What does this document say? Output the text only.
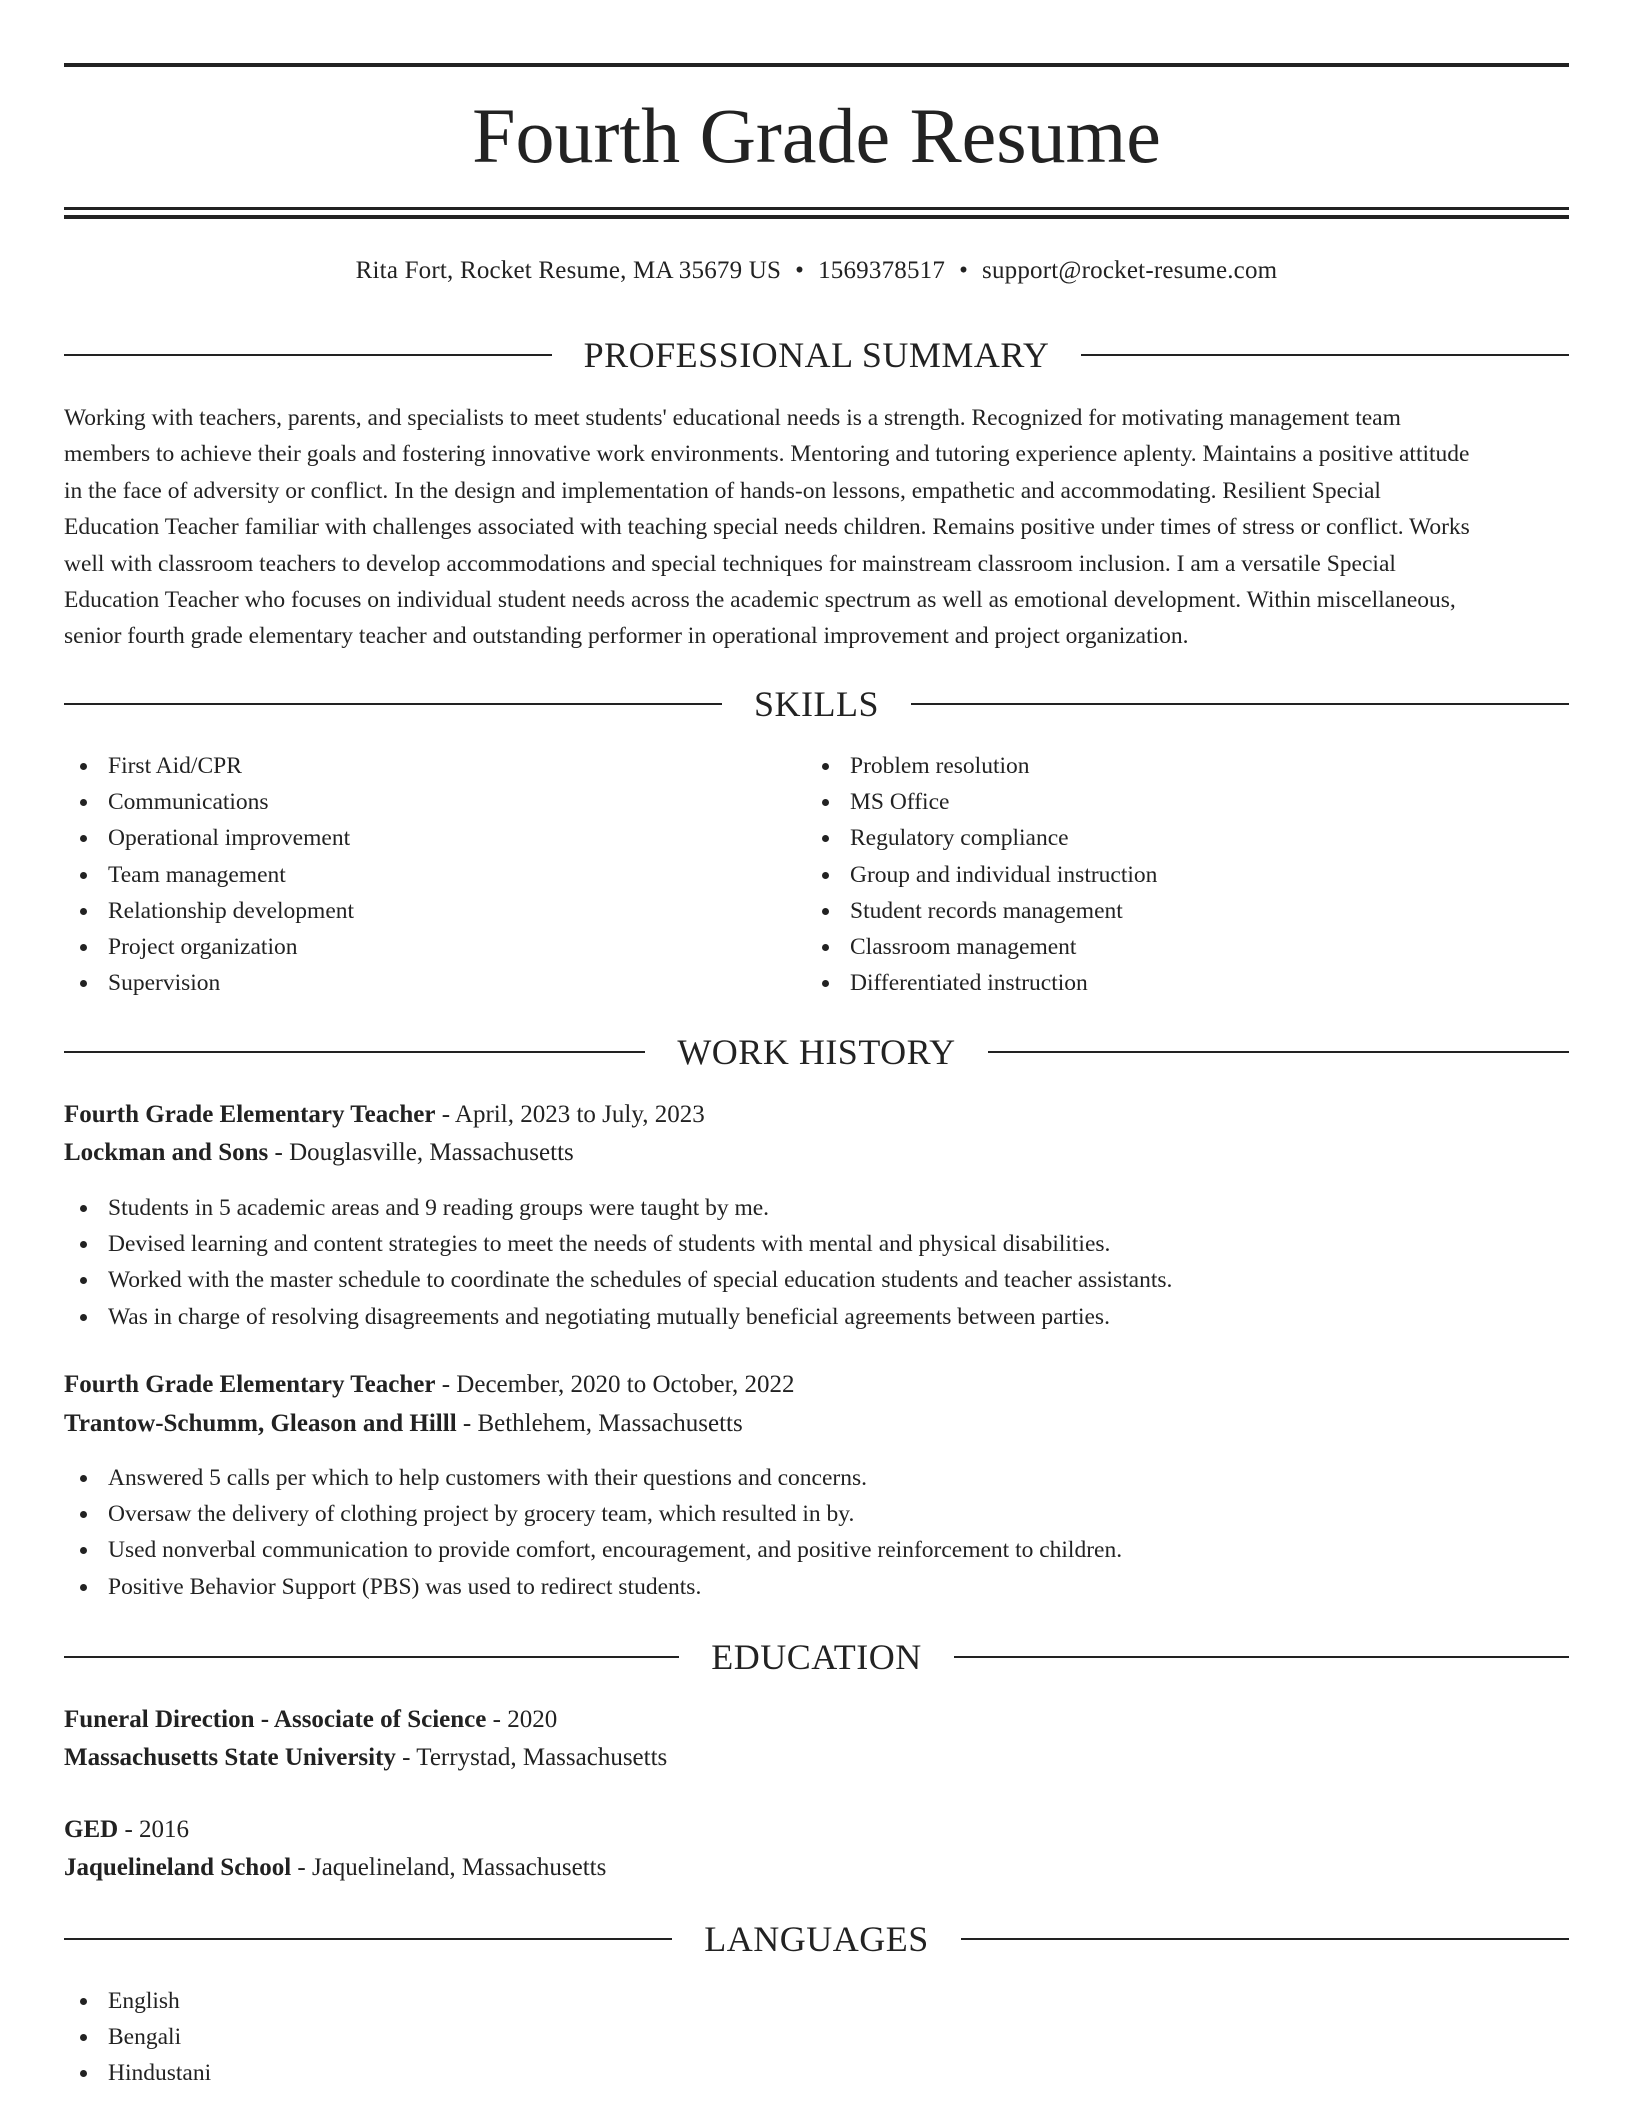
Fourth Grade Resume
Rita Fort, Rocket Resume, MA 35679 US • 1569378517 • support@rocket-resume.com
PROFESSIONAL SUMMARY
Working with teachers, parents, and specialists to meet students' educational needs is a strength. Recognized for motivating management team
members to achieve their goals and fostering innovative work environments. Mentoring and tutoring experience aplenty. Maintains a positive attitude
in the face of adversity or conflict. In the design and implementation of hands-on lessons, empathetic and accommodating. Resilient Special
Education Teacher familiar with challenges associated with teaching special needs children. Remains positive under times of stress or conflict. Works
well with classroom teachers to develop accommodations and special techniques for mainstream classroom inclusion. I am a versatile Special
Education Teacher who focuses on individual student needs across the academic spectrum as well as emotional development. Within miscellaneous,
senior fourth grade elementary teacher and outstanding performer in operational improvement and project organization.
SKILLS
First Aid/CPR
Communications
Operational improvement
Team management
Relationship development
Project organization
Supervision
Problem resolution
MS Office
Regulatory compliance
Group and individual instruction
Student records management
Classroom management
Differentiated instruction
WORK HISTORY
Fourth Grade Elementary Teacher - April, 2023 to July, 2023
Lockman and Sons - Douglasville, Massachusetts
Students in 5 academic areas and 9 reading groups were taught by me.
Devised learning and content strategies to meet the needs of students with mental and physical disabilities.
Worked with the master schedule to coordinate the schedules of special education students and teacher assistants.
Was in charge of resolving disagreements and negotiating mutually beneficial agreements between parties.
Fourth Grade Elementary Teacher - December, 2020 to October, 2022
Trantow-Schumm, Gleason and Hilll - Bethlehem, Massachusetts
Answered 5 calls per which to help customers with their questions and concerns.
Oversaw the delivery of clothing project by grocery team, which resulted in by.
Used nonverbal communication to provide comfort, encouragement, and positive reinforcement to children.
Positive Behavior Support (PBS) was used to redirect students.
EDUCATION
Funeral Direction - Associate of Science - 2020
Massachusetts State University - Terrystad, Massachusetts
GED - 2016
Jaquelineland School - Jaquelineland, Massachusetts
LANGUAGES
English
Bengali
Hindustani
